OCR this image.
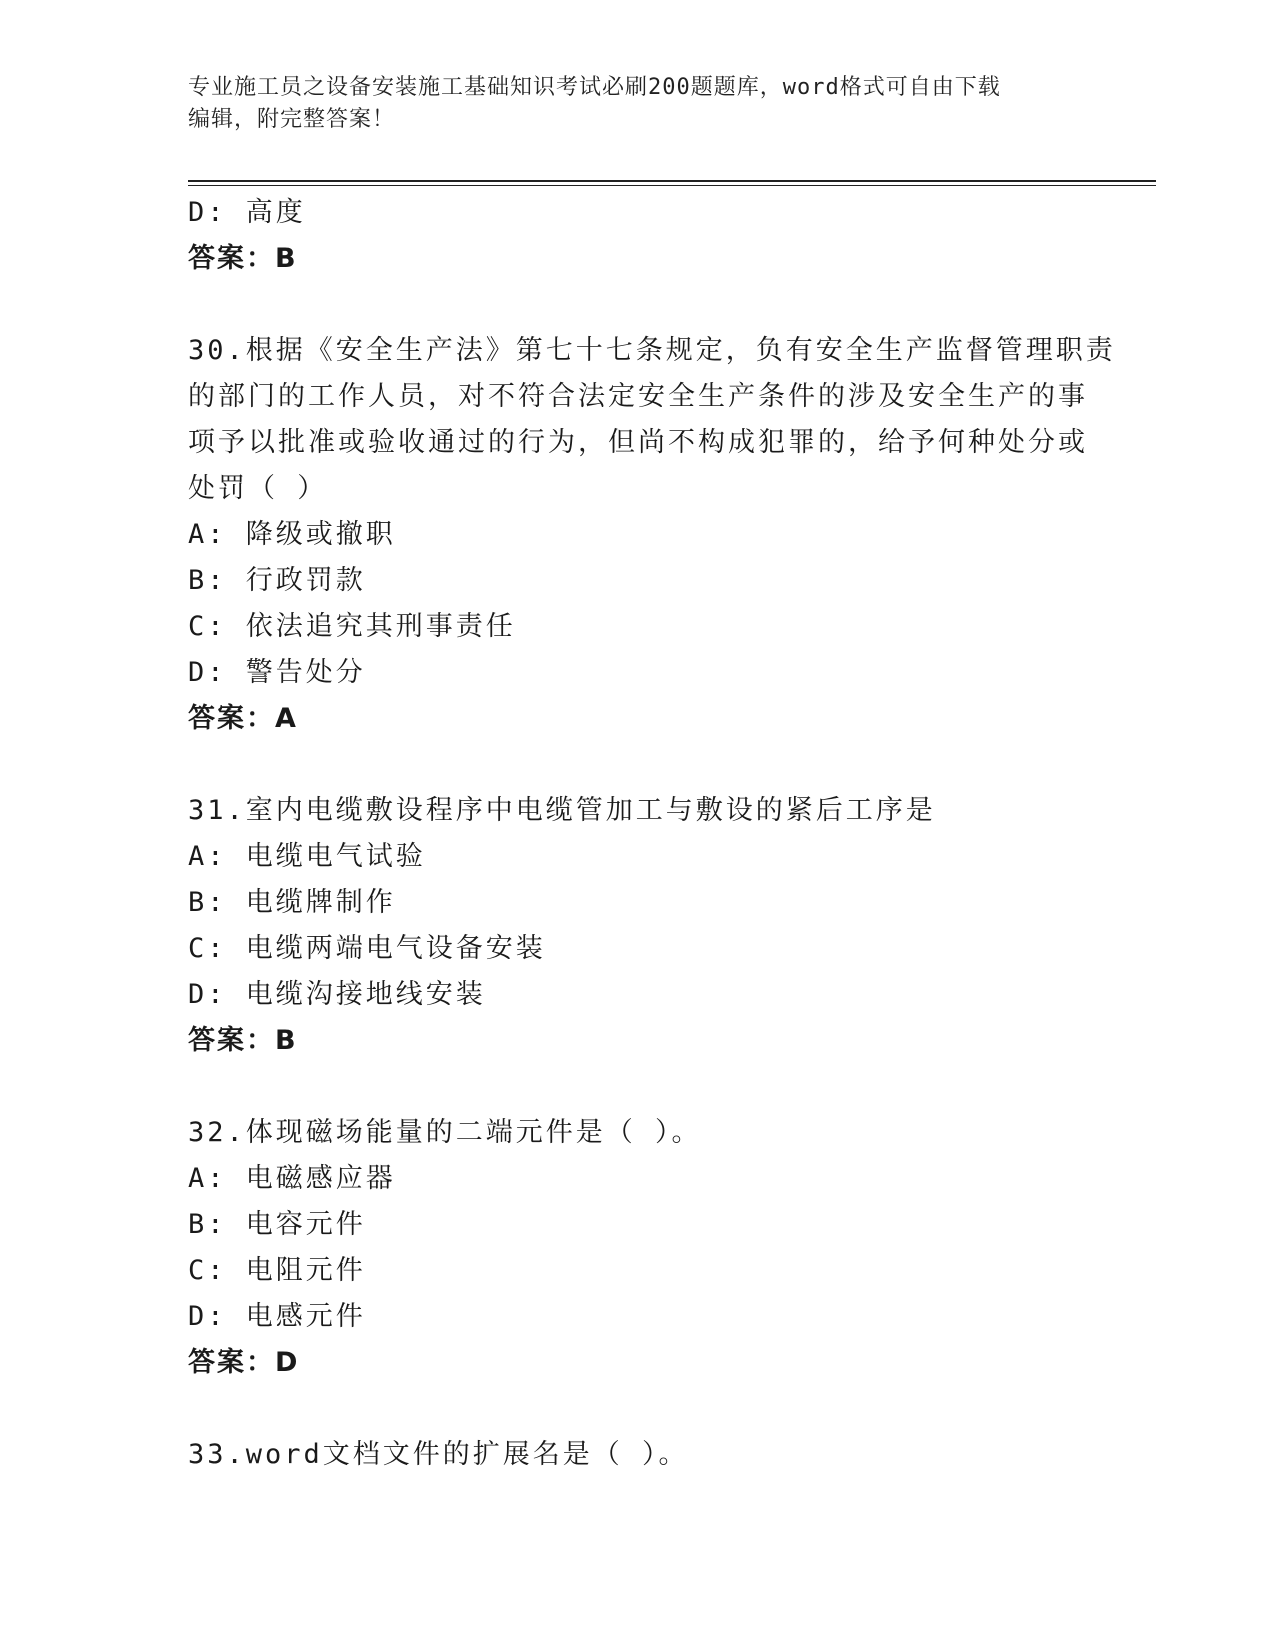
专业施工员之设备安装施工基础知识考试必刷200题题库，word格式可自由下载
编辑，附完整答案！
D: 高度
答案：B
30.根据《安全生产法》第七十七条规定，负有安全生产监督管理职责
的部门的工作人员，对不符合法定安全生产条件的涉及安全生产的事
项予以批准或验收通过的行为，但尚不构成犯罪的，给予何种处分或
处罚（ ）
A: 降级或撤职
B: 行政罚款
C: 依法追究其刑事责任
D: 警告处分
答案：A
31.室内电缆敷设程序中电缆管加工与敷设的紧后工序是
A: 电缆电气试验
B: 电缆牌制作
C: 电缆两端电气设备安装
D: 电缆沟接地线安装
答案：B
32.体现磁场能量的二端元件是（ ）。
A: 电磁感应器
B: 电容元件
C: 电阻元件
D: 电感元件
答案：D
33.word文档文件的扩展名是（ ）。
